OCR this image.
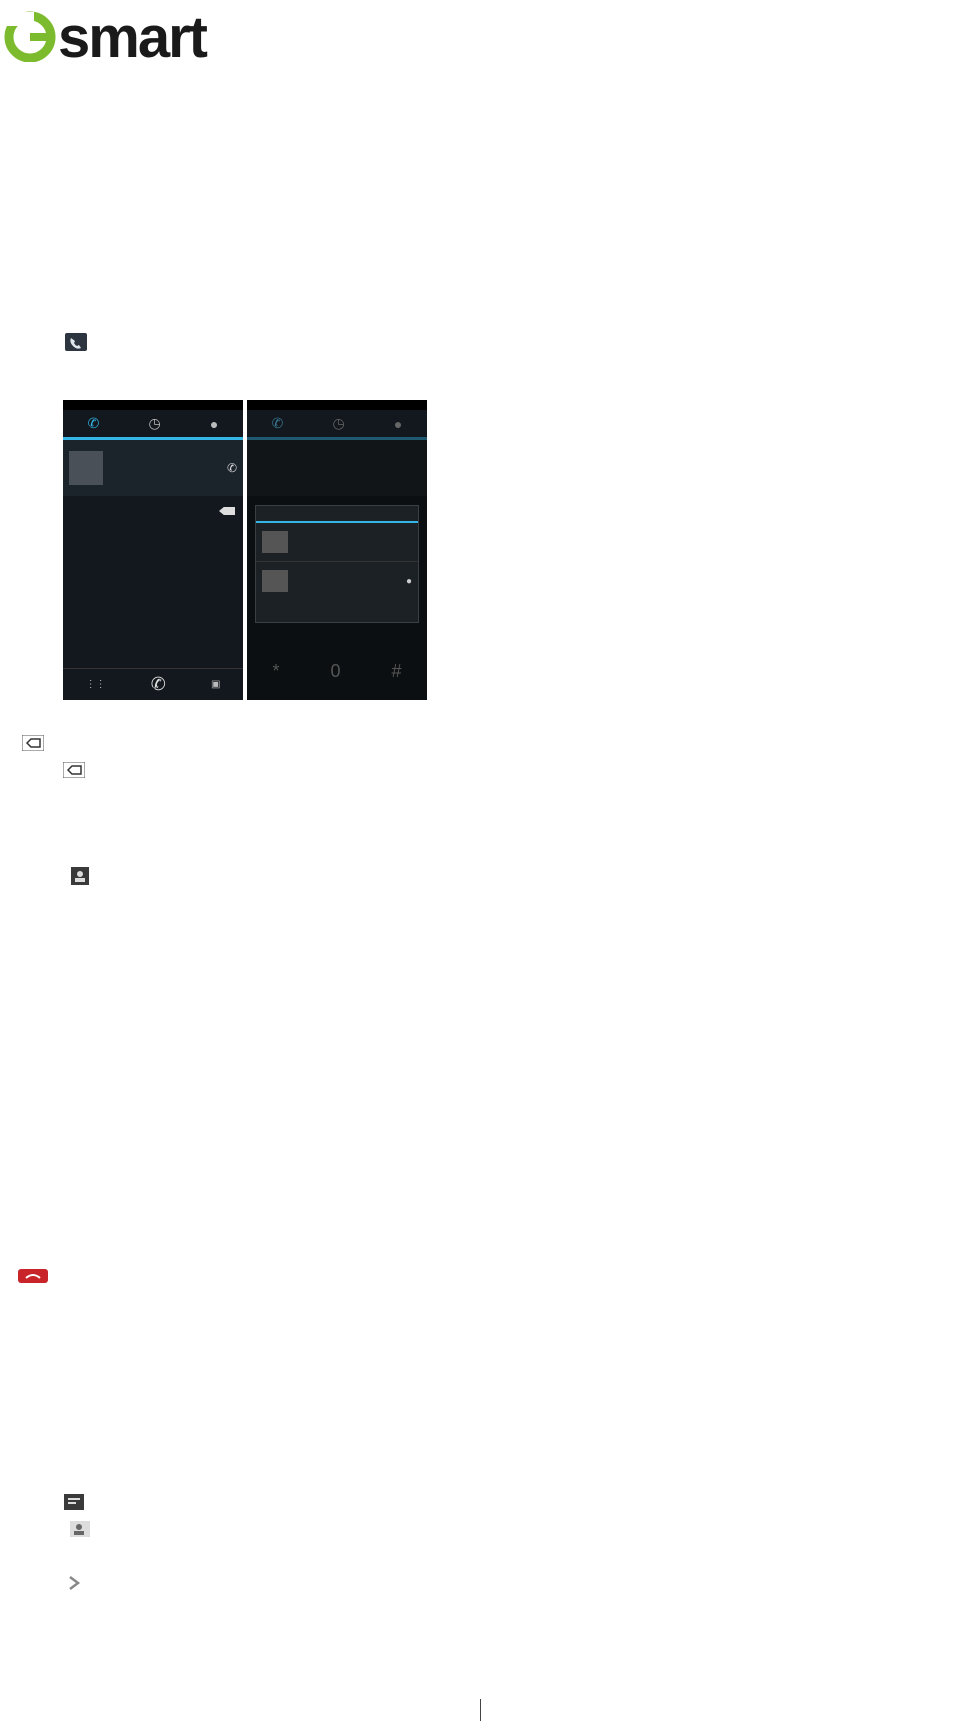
smart

✆	◷	●
✆
⋮⋮	✆	▣
✆	◷	●
●
*	0	#
